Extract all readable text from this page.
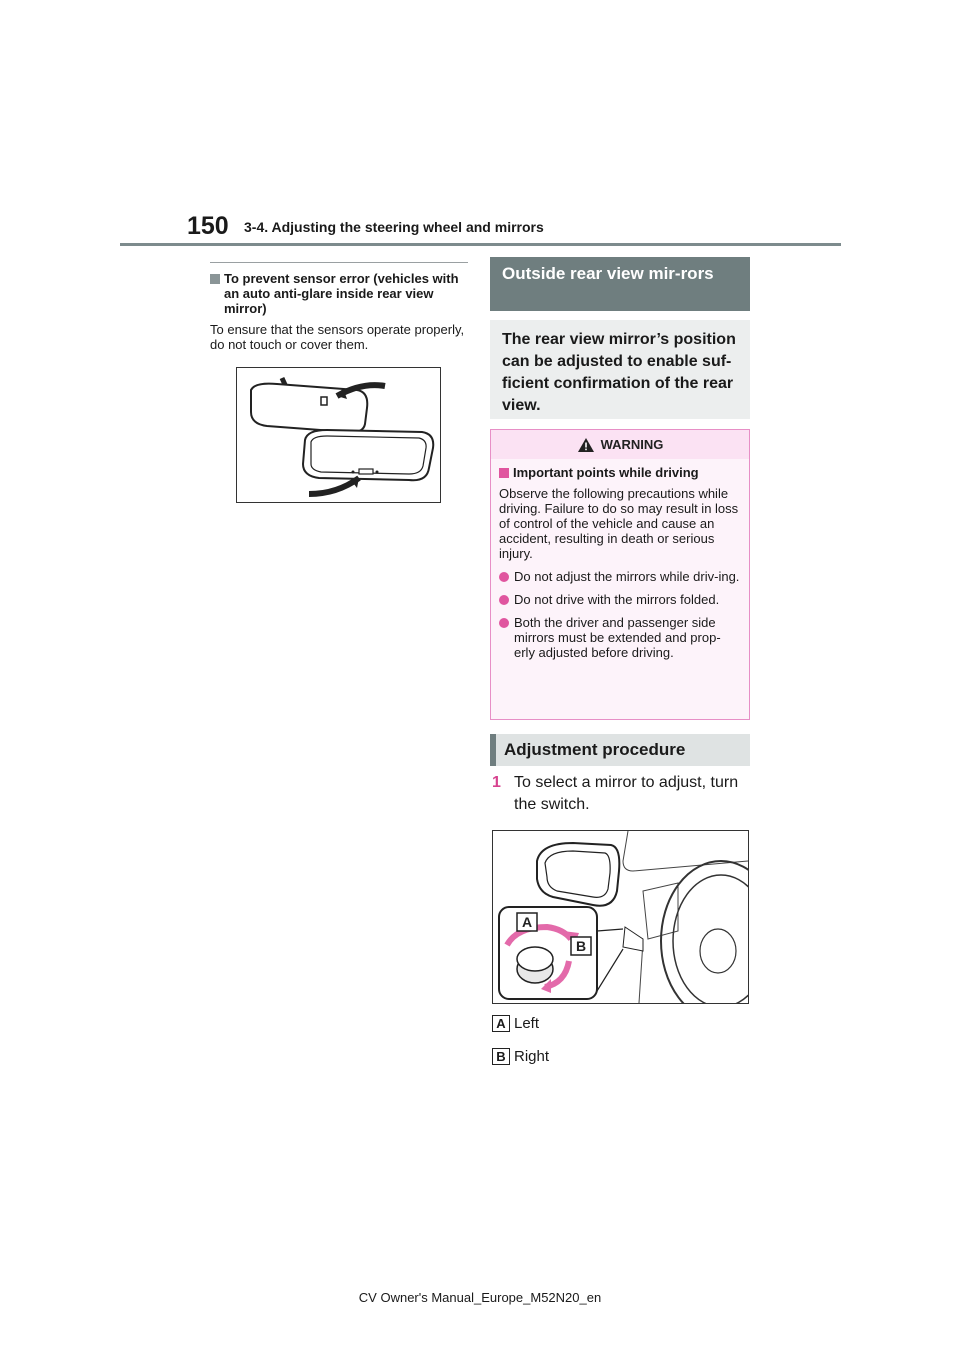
150 3-4. Adjusting the steering wheel and mirrors
To prevent sensor error (vehicles with an auto anti-glare inside rear view mirror)
To ensure that the sensors operate properly, do not touch or cover them.
Outside rear view mir-rors
The rear view mirror’s position can be adjusted to enable suf-ficient confirmation of the rear view.
WARNING
Important points while driving
Observe the following precautions while driving. Failure to do so may result in loss of control of the vehicle and cause an accident, resulting in death or serious injury.
Do not adjust the mirrors while driv-ing.
Do not drive with the mirrors folded.
Both the driver and passenger side mirrors must be extended and prop-erly adjusted before driving.
Adjustment procedure
1 To select a mirror to adjust, turn the switch.
A
B
A Left
B Right
CV Owner's Manual_Europe_M52N20_en
